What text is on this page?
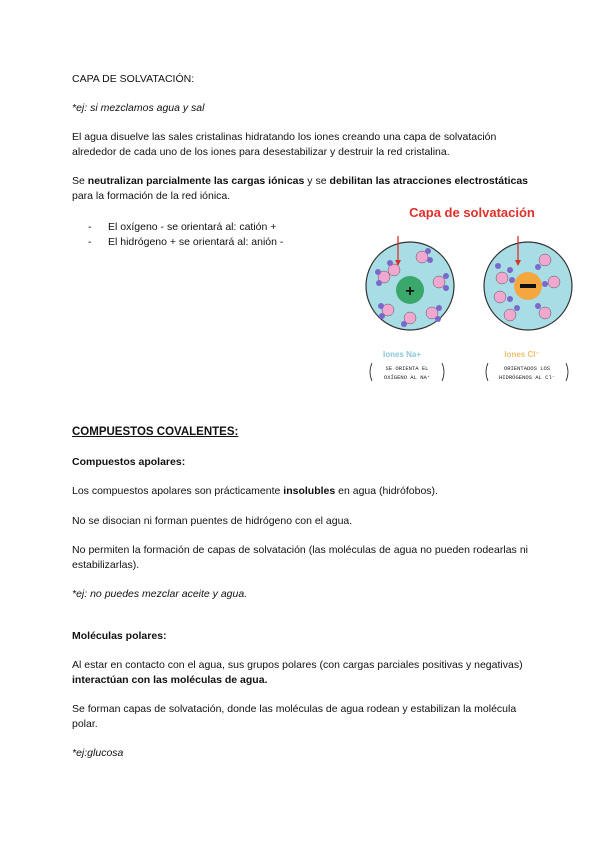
CAPA DE SOLVATACIÓN:

*ej: si mezclamos agua y sal

El agua disuelve las sales cristalinas hidratando los iones creando una capa de solvatación alrededor de cada uno de los iones para desestabilizar y destruir la red cristalina.

Se neutralizan parcialmente las cargas iónicas y se debilitan las atracciones electrostáticas para la formación de la red iónica.

- El oxígeno - se orientará al: catión +
- El hidrógeno + se orientará al: anión -
Capa de solvatación
+
Iones Na+	Iones Cl⁻
SE ORIENTA EL
OXÍGENO AL NA⁺
ORIENTADOS LOS
HIDRÓGENOS AL Cl⁻

COMPUESTOS COVALENTES:

Compuestos apolares:

Los compuestos apolares son prácticamente insolubles en agua (hidrófobos).

No se disocian ni forman puentes de hidrógeno con el agua.

No permiten la formación de capas de solvatación (las moléculas de agua no pueden rodearlas ni estabilizarlas).

*ej: no puedes mezclar aceite y agua.

Moléculas polares:

Al estar en contacto con el agua, sus grupos polares (con cargas parciales positivas y negativas) interactúan con las moléculas de agua.

Se forman capas de solvatación, donde las moléculas de agua rodean y estabilizan la molécula polar.

*ej:glucosa
